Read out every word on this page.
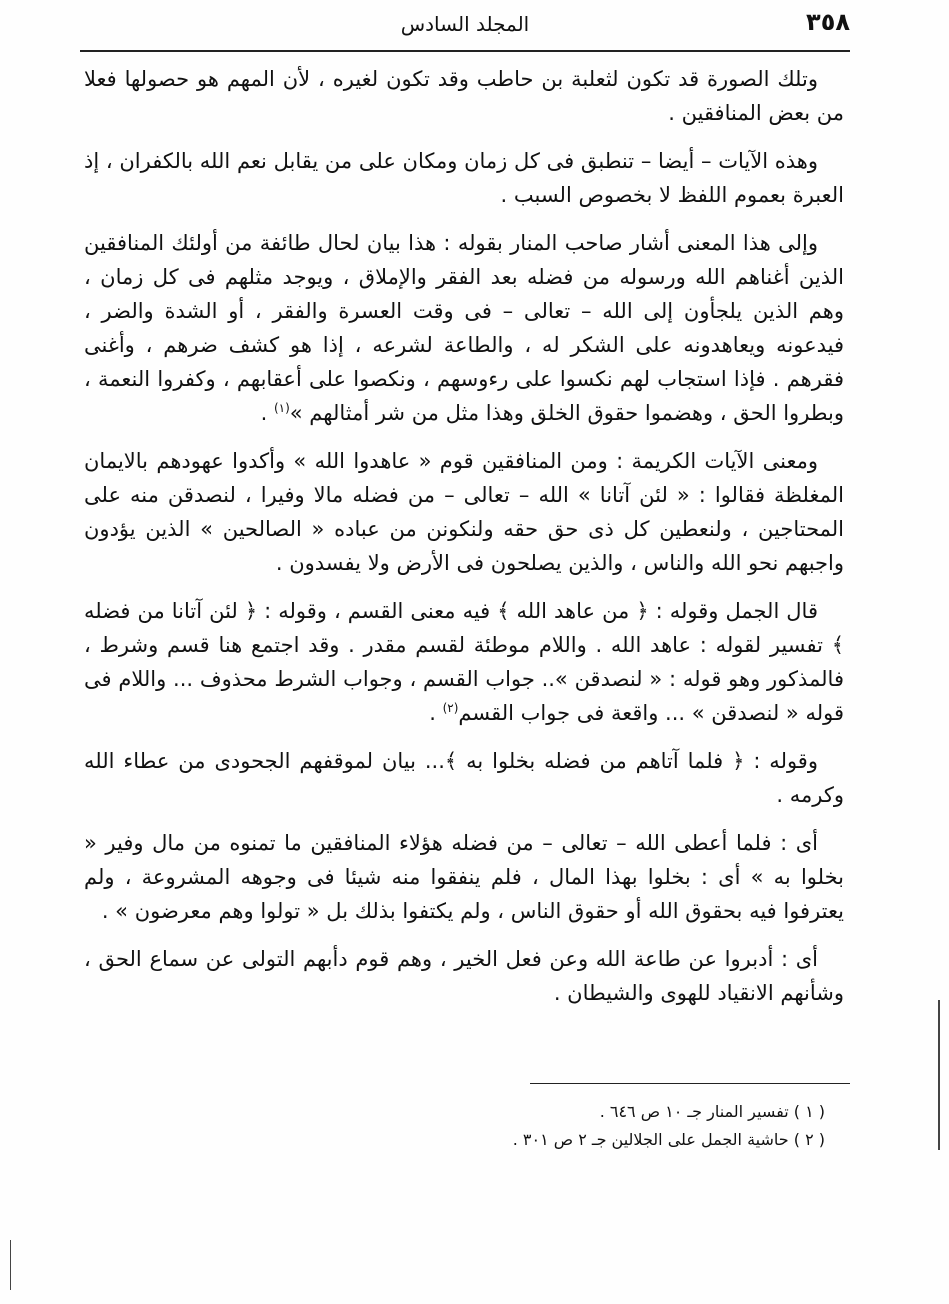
٣٥٨
المجلد السادس

وتلك الصورة قد تكون لثعلبة بن حاطب وقد تكون لغيره ، لأن المهم هو حصولها فعلا من بعض المنافقين .

وهذه الآيات – أيضا – تنطبق فى كل زمان ومكان على من يقابل نعم الله بالكفران ، إذ العبرة بعموم اللفظ لا بخصوص السبب .

وإلى هذا المعنى أشار صاحب المنار بقوله : هذا بيان لحال طائفة من أولئك المنافقين الذين أغناهم الله ورسوله من فضله بعد الفقر والإملاق ، ويوجد مثلهم فى كل زمان ، وهم الذين يلجأون إلى الله – تعالى – فى وقت العسرة والفقر ، أو الشدة والضر ، فيدعونه ويعاهدونه على الشكر له ، والطاعة لشرعه ، إذا هو كشف ضرهم ، وأغنى فقرهم . فإذا استجاب لهم نكسوا على رءوسهم ، ونكصوا على أعقابهم ، وكفروا النعمة ، وبطروا الحق ، وهضموا حقوق الخلق وهذا مثل من شر أمثالهم »$^{(١)}$ .

ومعنى الآيات الكريمة : ومن المنافقين قوم « عاهدوا الله » وأكدوا عهودهم بالايمان المغلظة فقالوا : « لئن آتانا » الله – تعالى – من فضله مالا وفيرا ، لنصدقن منه على المحتاجين ، ولنعطين كل ذى حق حقه ولنكونن من عباده « الصالحين » الذين يؤدون واجبهم نحو الله والناس ، والذين يصلحون فى الأرض ولا يفسدون .

قال الجمل وقوله : ﴿ من عاهد الله ﴾ فيه معنى القسم ، وقوله : ﴿ لئن آتانا من فضله ﴾ تفسير لقوله : عاهد الله . واللام موطئة لقسم مقدر . وقد اجتمع هنا قسم وشرط ، فالمذكور وهو قوله : « لنصدقن ».. جواب القسم ، وجواب الشرط محذوف ... واللام فى قوله « لنصدقن » ... واقعة فى جواب القسم$^{(٢)}$ .

وقوله : ﴿ فلما آتاهم من فضله بخلوا به ﴾... بيان لموقفهم الجحودى من عطاء الله وكرمه .

أى : فلما أعطى الله – تعالى – من فضله هؤلاء المنافقين ما تمنوه من مال وفير « بخلوا به » أى : بخلوا بهذا المال ، فلم ينفقوا منه شيئا فى وجوهه المشروعة ، ولم يعترفوا فيه بحقوق الله أو حقوق الناس ، ولم يكتفوا بذلك بل « تولوا وهم معرضون » .

أى : أدبروا عن طاعة الله وعن فعل الخير ، وهم قوم دأبهم التولى عن سماع الحق ، وشأنهم الانقياد للهوى والشيطان .

( ١ ) تفسير المنار جـ ١٠ ص ٦٤٦ .
( ٢ ) حاشية الجمل على الجلالين جـ ٢ ص ٣٠١ .
